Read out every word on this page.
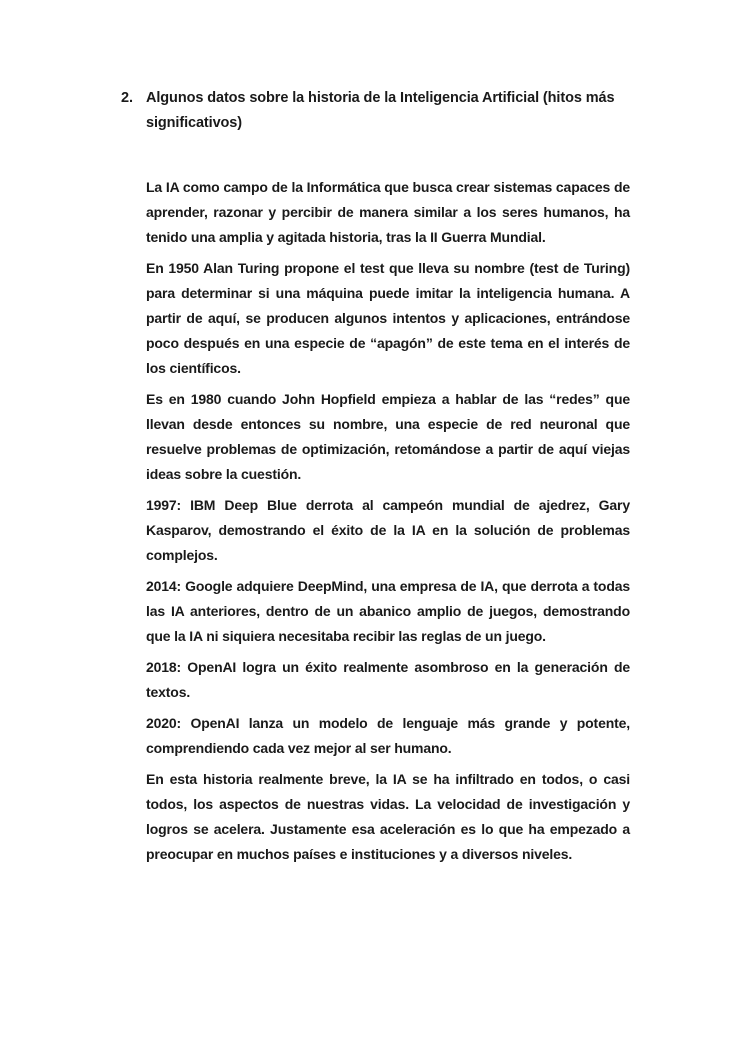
2. Algunos datos sobre la historia de la Inteligencia Artificial (hitos más significativos)

La IA como campo de la Informática que busca crear sistemas capaces de aprender, razonar y percibir de manera similar a los seres humanos, ha tenido una amplia y agitada historia, tras la II Guerra Mundial.

En 1950 Alan Turing propone el test que lleva su nombre (test de Turing) para determinar si una máquina puede imitar la inteligencia humana. A partir de aquí, se producen algunos intentos y aplicaciones, entrándose poco después en una especie de “apagón” de este tema en el interés de los científicos.

Es en 1980 cuando John Hopfield empieza a hablar de las “redes” que llevan desde entonces su nombre, una especie de red neuronal que resuelve problemas de optimización, retomándose a partir de aquí viejas ideas sobre la cuestión.

1997: IBM Deep Blue derrota al campeón mundial de ajedrez, Gary Kasparov, demostrando el éxito de la IA en la solución de problemas complejos.

2014: Google adquiere DeepMind, una empresa de IA, que derrota a todas las IA anteriores, dentro de un abanico amplio de juegos, demostrando que la IA ni siquiera necesitaba recibir las reglas de un juego.

2018: OpenAI logra un éxito realmente asombroso en la generación de textos.

2020: OpenAI lanza un modelo de lenguaje más grande y potente, comprendiendo cada vez mejor al ser humano.

En esta historia realmente breve, la IA se ha infiltrado en todos, o casi todos, los aspectos de nuestras vidas. La velocidad de investigación y logros se acelera. Justamente esa aceleración es lo que ha empezado a preocupar en muchos países e instituciones y a diversos niveles.
